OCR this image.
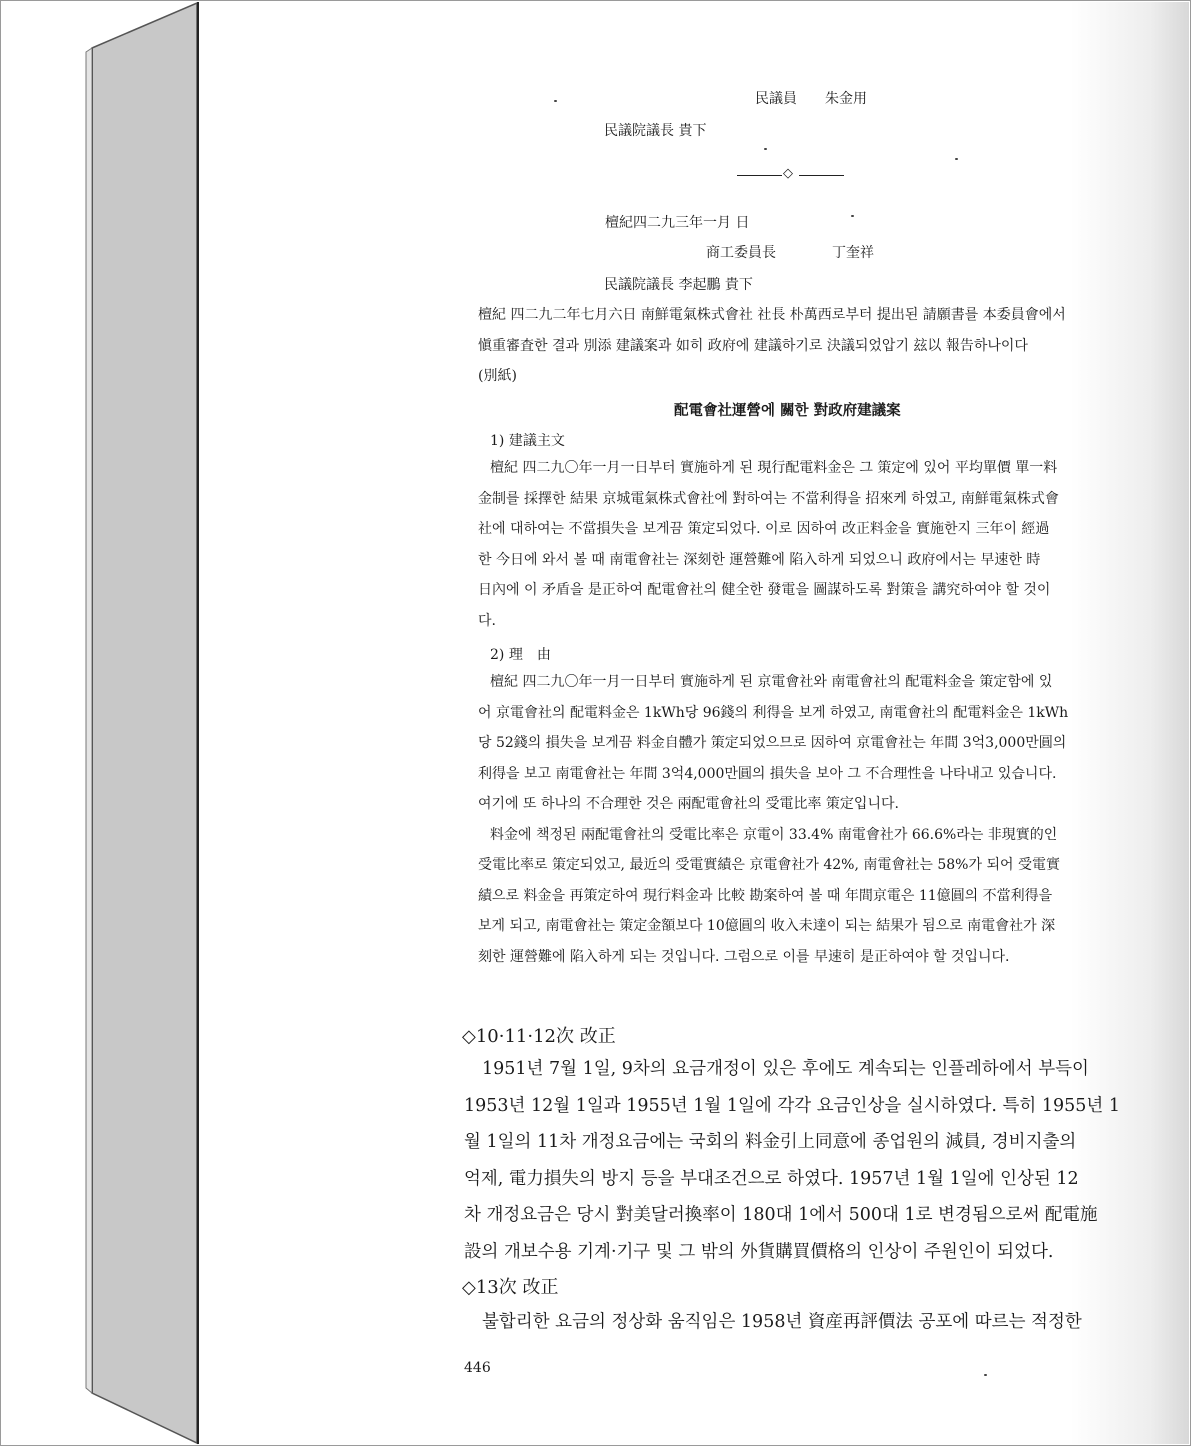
民議員　　朱金用
民議院議長 貴下
◇
檀紀四二九三年一月 日
商工委員長　　　　丁奎祥
民議院議長 李起鵬 貴下
檀紀 四二九二年七月六日 南鮮電氣株式會社 社長 朴萬西로부터 提出된 請願書를 本委員會에서
愼重審査한 결과 別添 建議案과 如히 政府에 建議하기로 決議되었압기 玆以 報告하나이다
(別紙)
配電會社運營에 關한 對政府建議案
1) 建議主文
檀紀 四二九〇年一月一日부터 實施하게 된 現行配電料金은 그 策定에 있어 平均單價 單一料
金制를 採擇한 結果 京城電氣株式會社에 對하여는 不當利得을 招來케 하였고, 南鮮電氣株式會
社에 대하여는 不當損失을 보게끔 策定되었다. 이로 因하여 改正料金을 實施한지 三年이 經過
한 今日에 와서 볼 때 南電會社는 深刻한 運營難에 陷入하게 되었으니 政府에서는 早速한 時
日內에 이 矛盾을 是正하여 配電會社의 健全한 發電을 圖謀하도록 對策을 講究하여야 할 것이
다.
2) 理　由
檀紀 四二九〇年一月一日부터 實施하게 된 京電會社와 南電會社의 配電料金을 策定함에 있
어 京電會社의 配電料金은 1kWh당 96錢의 利得을 보게 하였고, 南電會社의 配電料金은 1kWh
당 52錢의 損失을 보게끔 料金自體가 策定되었으므로 因하여 京電會社는 年間 3억3,000만圓의
利得을 보고 南電會社는 年間 3억4,000만圓의 損失을 보아 그 不合理性을 나타내고 있습니다.
여기에 또 하나의 不合理한 것은 兩配電會社의 受電比率 策定입니다.
料金에 책정된 兩配電會社의 受電比率은 京電이 33.4% 南電會社가 66.6%라는 非現實的인
受電比率로 策定되었고, 最近의 受電實績은 京電會社가 42%, 南電會社는 58%가 되어 受電實
績으로 料金을 再策定하여 現行料金과 比較 勘案하여 볼 때 年間京電은 11億圓의 不當利得을
보게 되고, 南電會社는 策定金額보다 10億圓의 收入未達이 되는 結果가 됨으로 南電會社가 深
刻한 運營難에 陷入하게 되는 것입니다. 그럼으로 이를 早速히 是正하여야 할 것입니다.
◇10·11·12次 改正
1951년 7월 1일, 9차의 요금개정이 있은 후에도 계속되는 인플레하에서 부득이
1953년 12월 1일과 1955년 1월 1일에 각각 요금인상을 실시하였다. 특히 1955년 1
월 1일의 11차 개정요금에는 국회의 料金引上同意에 종업원의 減員, 경비지출의
억제, 電力損失의 방지 등을 부대조건으로 하였다. 1957년 1월 1일에 인상된 12
차 개정요금은 당시 對美달러換率이 180대 1에서 500대 1로 변경됨으로써 配電施
設의 개보수용 기계·기구 및 그 밖의 外貨購買價格의 인상이 주원인이 되었다.
◇13次 改正
불합리한 요금의 정상화 움직임은 1958년 資産再評價法 공포에 따르는 적정한
446
